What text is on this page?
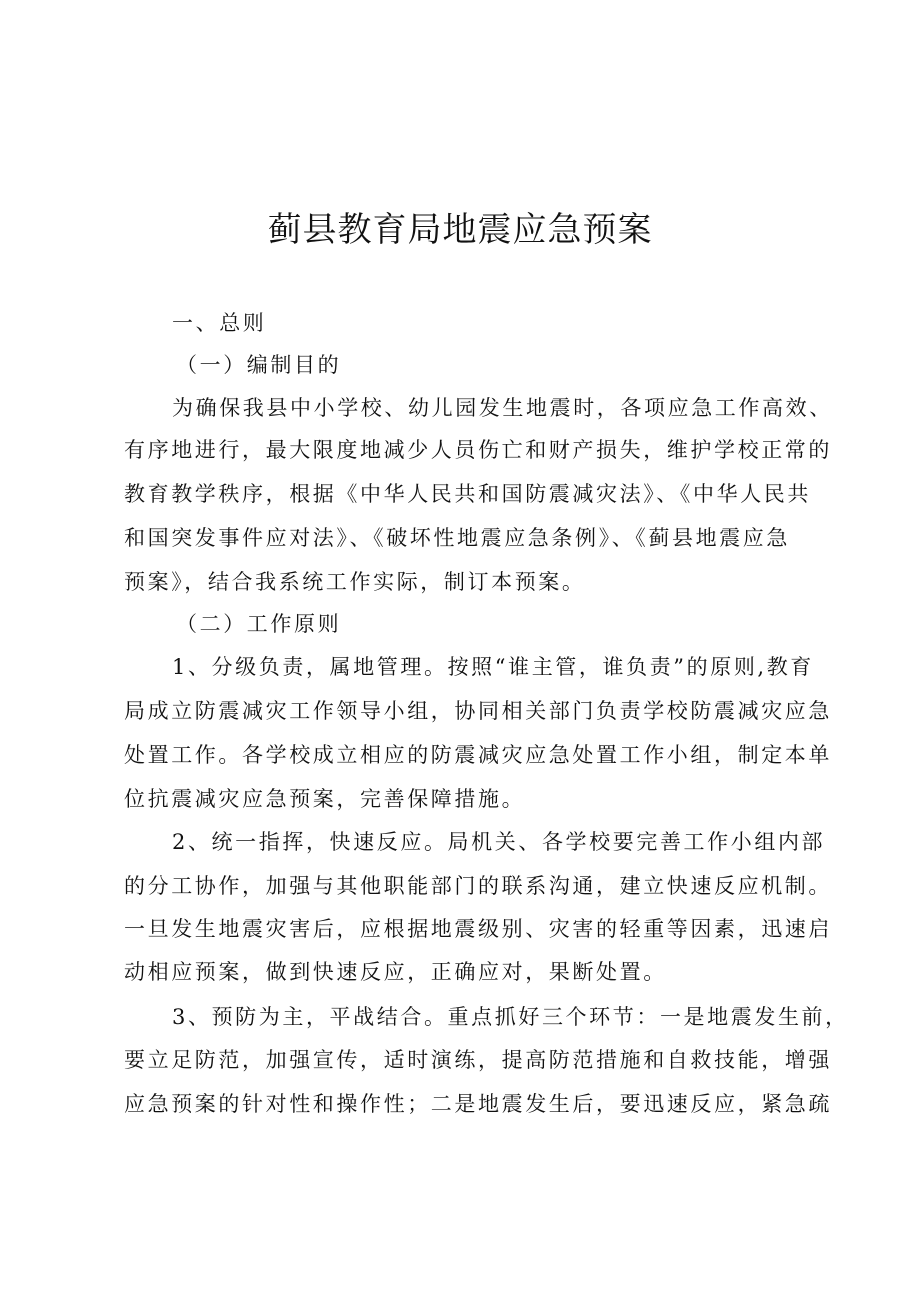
蓟县教育局地震应急预案
一、总则
（一）编制目的
为确保我县中小学校、幼儿园发生地震时，各项应急工作高效、
有序地进行，最大限度地减少人员伤亡和财产损失，维护学校正常的
教育教学秩序，根据《中华人民共和国防震减灾法》、《中华人民共
和国突发事件应对法》、《破坏性地震应急条例》、《蓟县地震应急
预案》，结合我系统工作实际，制订本预案。
（二）工作原则
1、分级负责，属地管理。按照“谁主管，谁负责”的原则,教育
局成立防震减灾工作领导小组，协同相关部门负责学校防震减灾应急
处置工作。各学校成立相应的防震减灾应急处置工作小组，制定本单
位抗震减灾应急预案，完善保障措施。
2、统一指挥，快速反应。局机关、各学校要完善工作小组内部
的分工协作，加强与其他职能部门的联系沟通，建立快速反应机制。
一旦发生地震灾害后，应根据地震级别、灾害的轻重等因素，迅速启
动相应预案，做到快速反应，正确应对，果断处置。
3、预防为主，平战结合。重点抓好三个环节：一是地震发生前，
要立足防范，加强宣传，适时演练，提高防范措施和自救技能，增强
应急预案的针对性和操作性；二是地震发生后，要迅速反应，紧急疏
